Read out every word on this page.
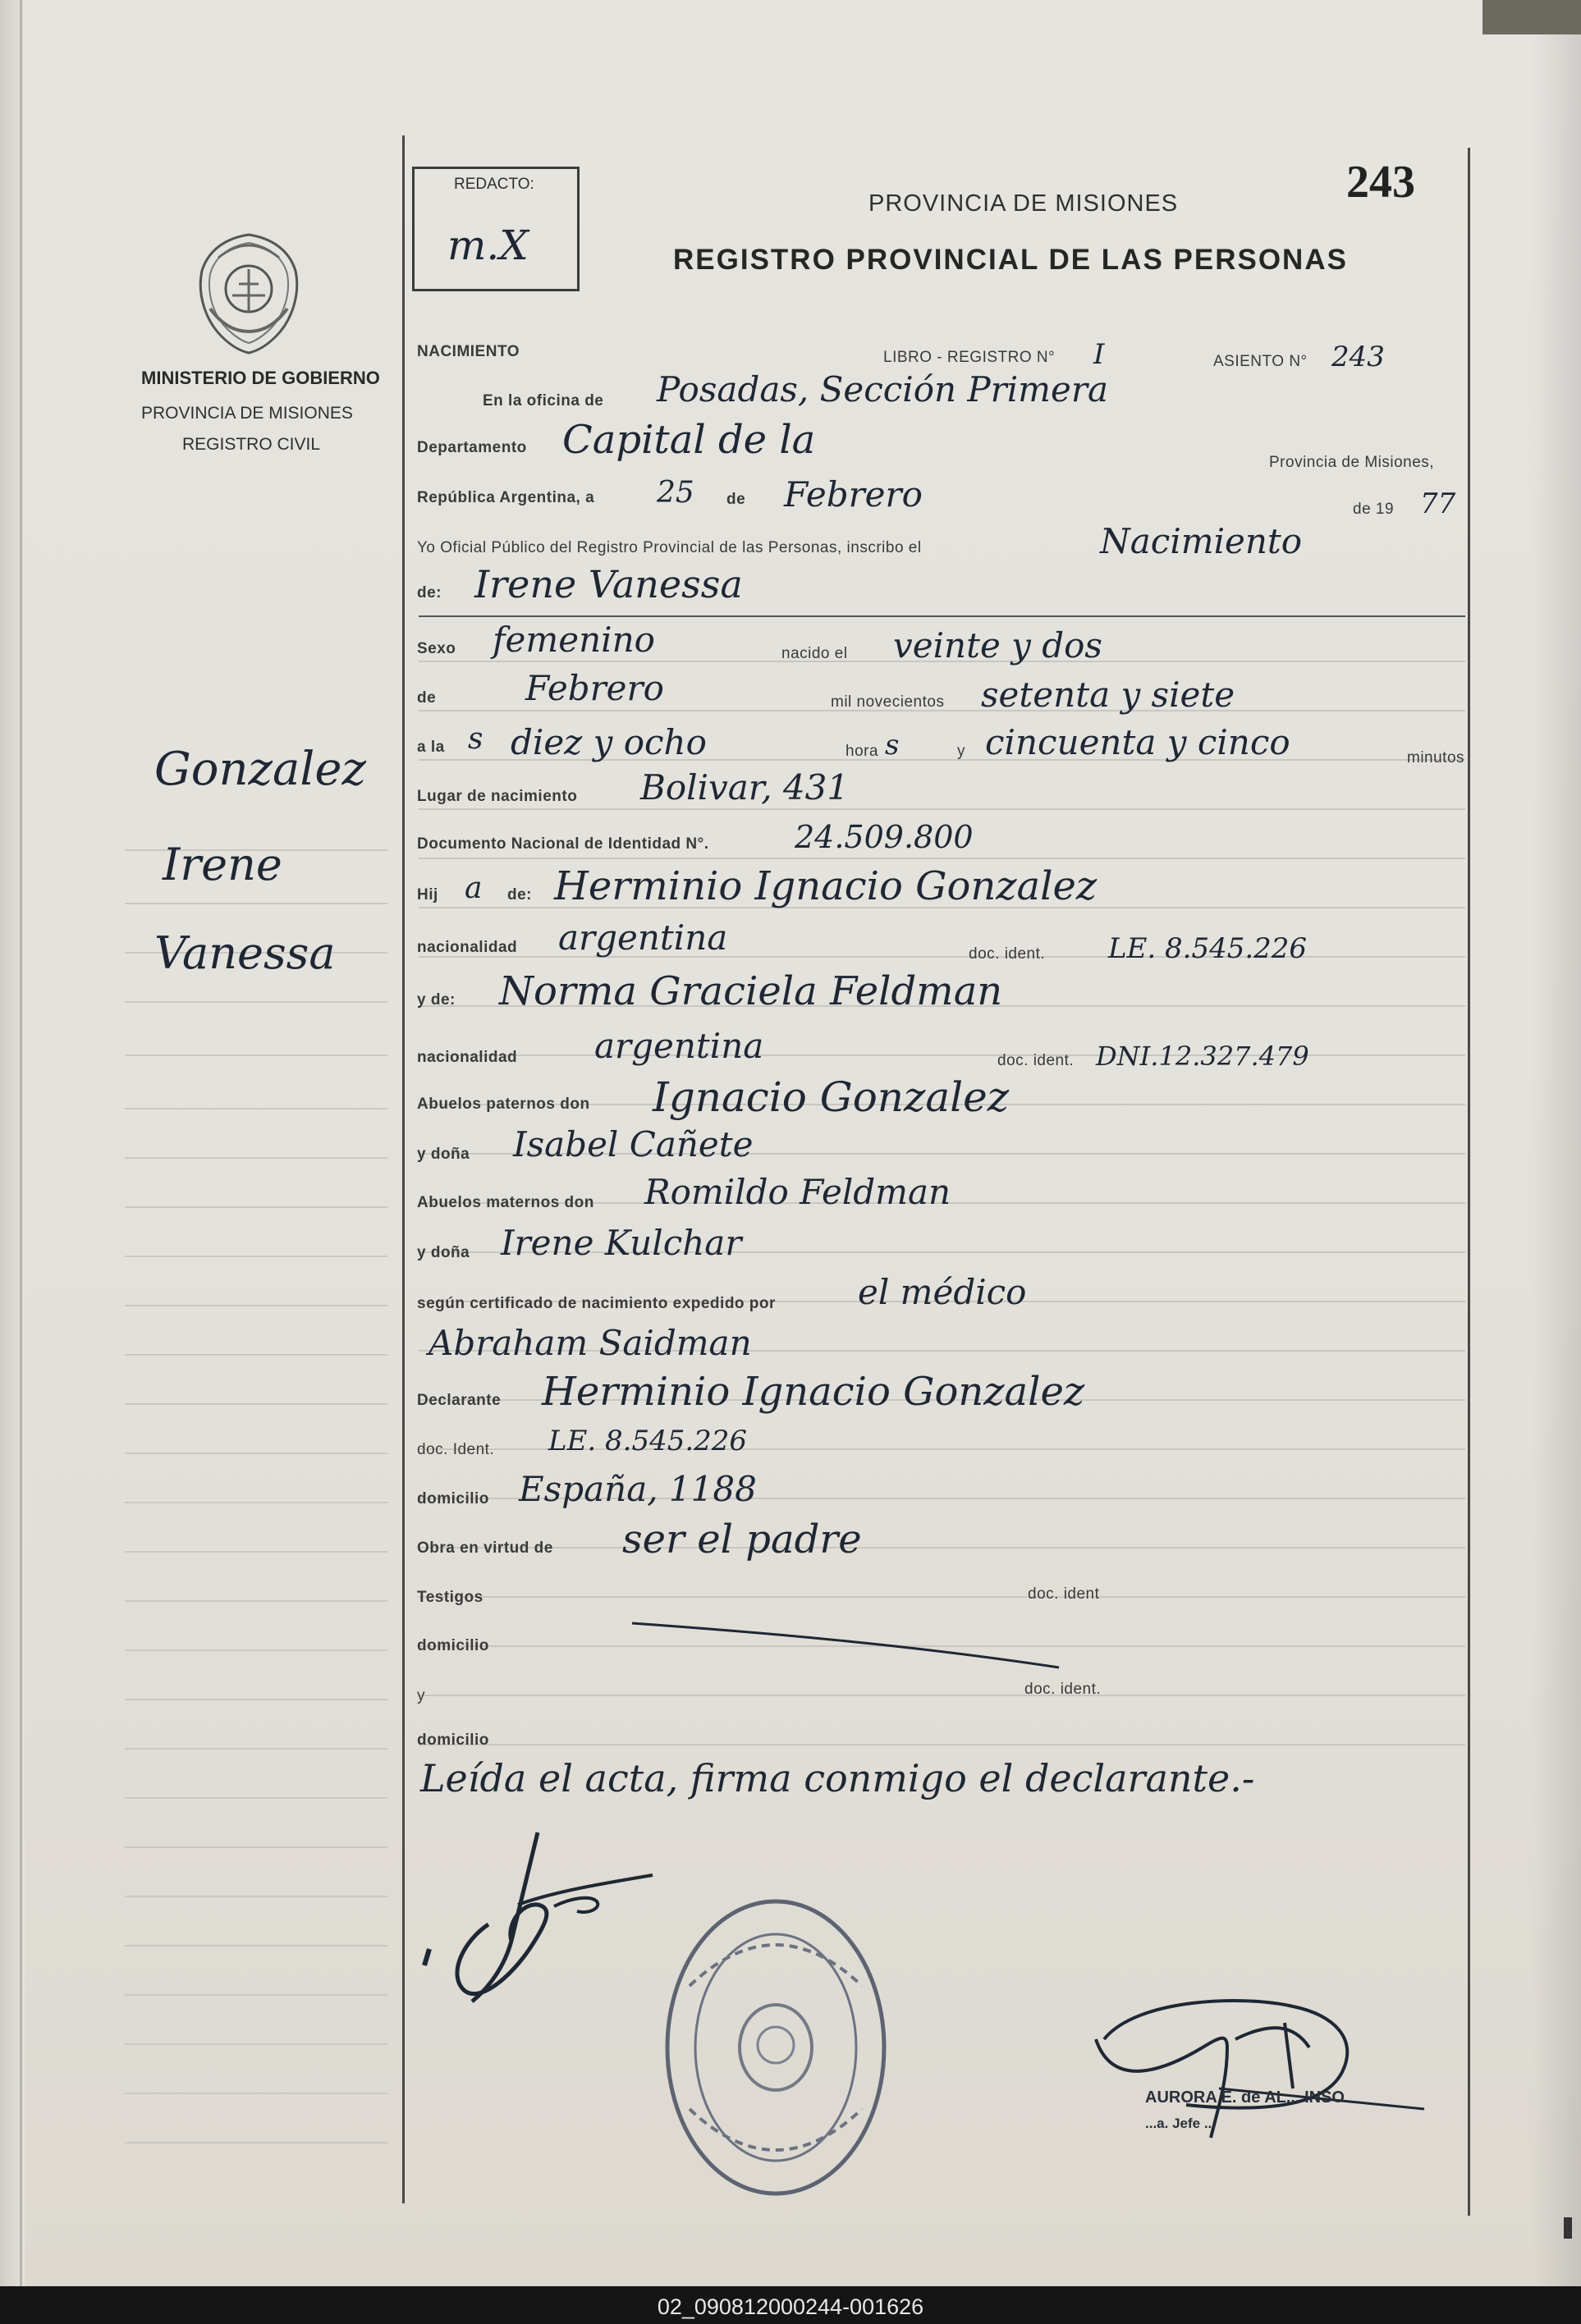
REDACTO:
m.X
243
PROVINCIA DE MISIONES
REGISTRO PROVINCIAL DE LAS PERSONAS
MINISTERIO DE GOBIERNO
PROVINCIA DE MISIONES
REGISTRO CIVIL
Gonzalez
Irene
Vanessa
NACIMIENTO	LIBRO - REGISTRO N° I	ASIENTO N° 243
En la oficina de Posadas, Sección Primera
Departamento Capital de la	Provincia de Misiones,
República Argentina, a 25 de Febrero	de 19 77
Yo Oficial Público del Registro Provincial de las Personas, inscribo el	Nacimiento
de: Irene Vanessa
Sexo femenino	nacido el veinte y dos
de	Febrero	mil novecientos setenta y siete
a la s diez y ocho	hora s	y cincuenta y cinco	minutos
Lugar de nacimiento Bolivar, 431
Documento Nacional de Identidad N°.	24.509.800
Hij a de: Herminio Ignacio Gonzalez
nacionalidad argentina	doc. ident. LE. 8.545.226
y de: Norma Graciela Feldman
nacionalidad argentina	doc. ident. DNI.12.327.479
Abuelos paternos don Ignacio Gonzalez
y doña Isabel Cañete
Abuelos maternos don Romildo Feldman
y doña Irene Kulchar
según certificado de nacimiento expedido por el médico
Abraham Saidman
Declarante Herminio Ignacio Gonzalez
doc. Ident. LE. 8.545.226
domicilio España, 1188
Obra en virtud de ser el padre
Testigos	doc. ident
domicilio
y	doc. ident.
domicilio
Leída el acta, firma conmigo el declarante.-
AURORA E. de AL... INSO
...a. Jefe ...
02_090812000244-001626
